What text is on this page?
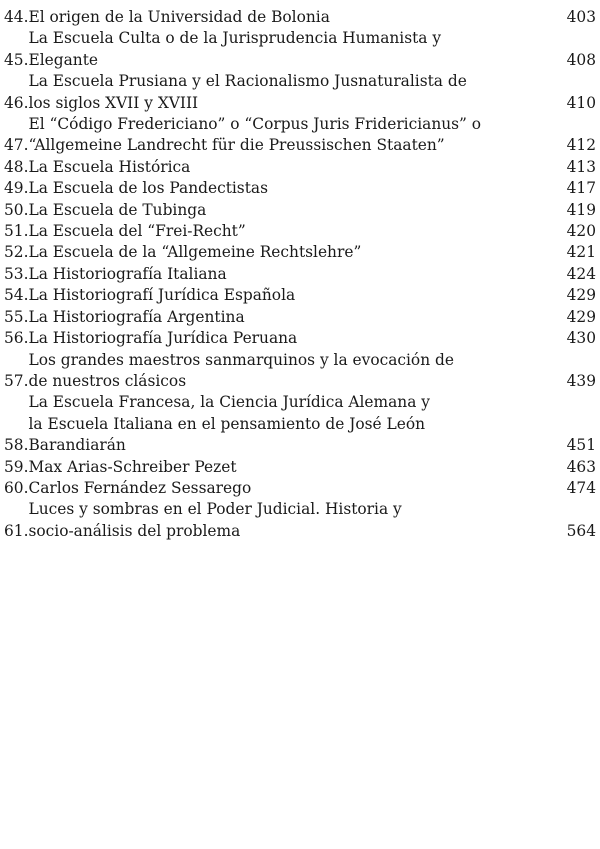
44. El origen de la Universidad de Bolonia	403
45.
La Escuela Culta o de la Jurisprudencia Humanista y
Elegante	408
46.
La Escuela Prusiana y el Racionalismo Jusnaturalista de
los siglos XVII y XVIII	410
47.
El “Código Fredericiano” o “Corpus Juris Fridericianus” o
“Allgemeine Landrecht für die Preussischen Staaten”	412
48. La Escuela Histórica	413
49. La Escuela de los Pandectistas	417
50. La Escuela de Tubinga	419
51. La Escuela del “Frei-Recht”	420
52. La Escuela de la “Allgemeine Rechtslehre”	421
53. La Historiografía Italiana	424
54. La Historiografí Jurídica Española	429
55. La Historiografía Argentina	429
56. La Historiografía Jurídica Peruana	430
57.
Los grandes maestros sanmarquinos y la evocación de
de nuestros clásicos	439
58.
La Escuela Francesa, la Ciencia Jurídica Alemana y
la Escuela Italiana en el pensamiento de José León
Barandiarán	451
59. Max Arias-Schreiber Pezet	463
60. Carlos Fernández Sessarego	474
61.
Luces y sombras en el Poder Judicial. Historia y
socio-análisis del problema	564
